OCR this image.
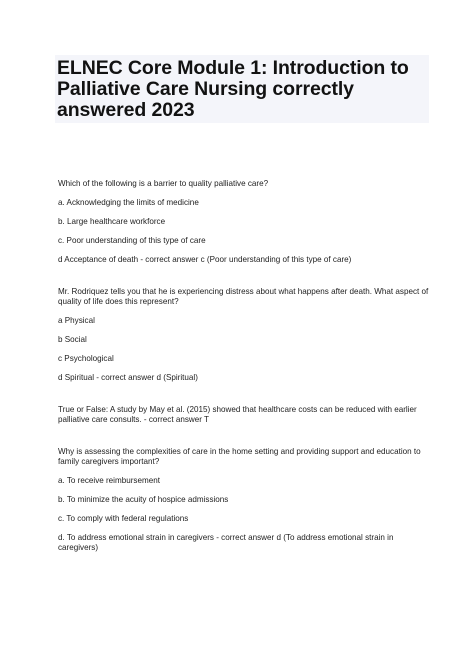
ELNEC Core Module 1: Introduction to Palliative Care Nursing correctly answered 2023

Which of the following is a barrier to quality palliative care?

a. Acknowledging the limits of medicine

b. Large healthcare workforce

c. Poor understanding of this type of care

d Acceptance of death - correct answer c (Poor understanding of this type of care)

Mr. Rodriquez tells you that he is experiencing distress about what happens after death. What aspect of quality of life does this represent?

a Physical

b Social

c Psychological

d Spiritual - correct answer d (Spiritual)

True or False: A study by May et al. (2015) showed that healthcare costs can be reduced with earlier palliative care consults. - correct answer T

Why is assessing the complexities of care in the home setting and providing support and education to family caregivers important?

a. To receive reimbursement

b. To minimize the acuity of hospice admissions

c. To comply with federal regulations

d. To address emotional strain in caregivers - correct answer d (To address emotional strain in caregivers)
